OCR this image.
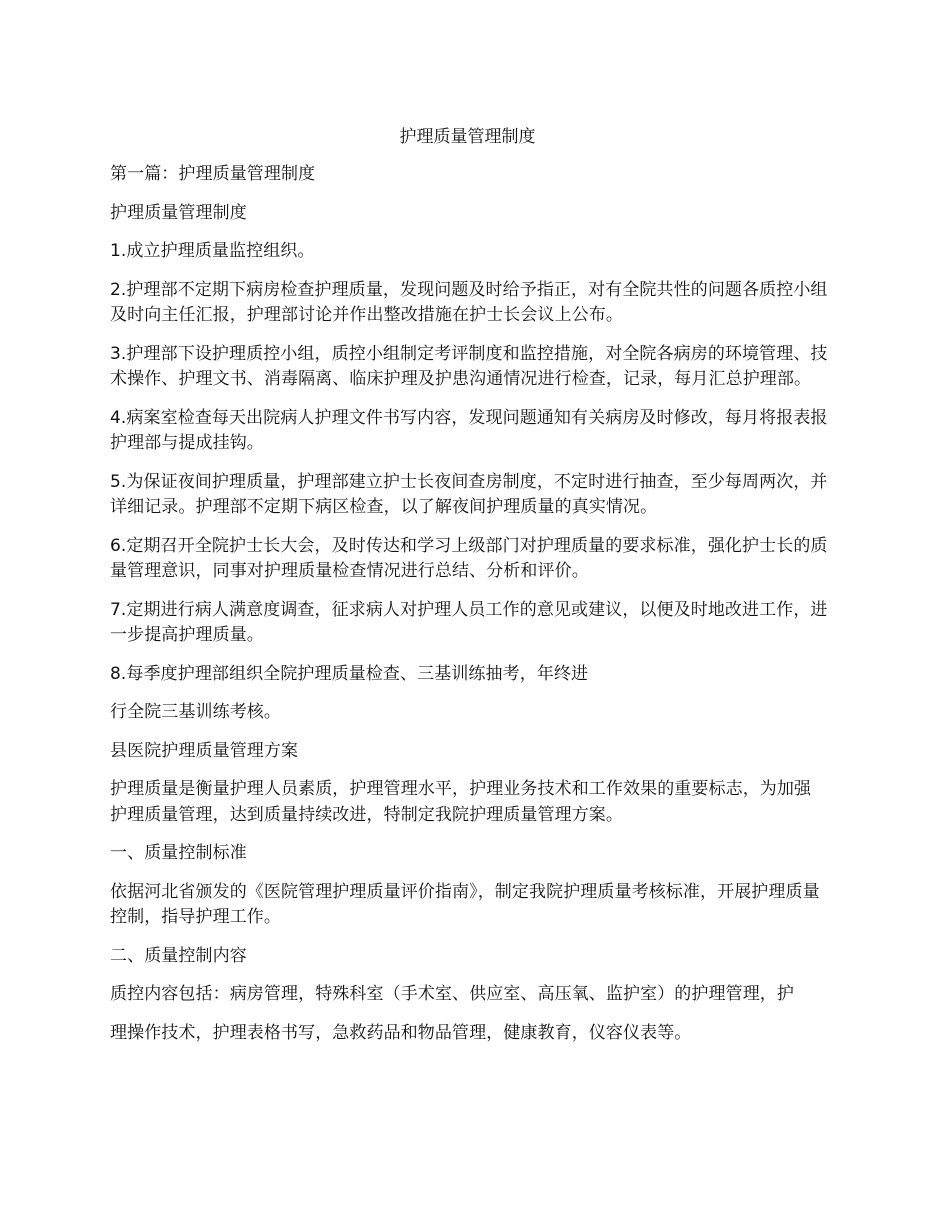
护理质量管理制度

第一篇：护理质量管理制度

护理质量管理制度

1.成立护理质量监控组织。

2.护理部不定期下病房检查护理质量，发现问题及时给予指正，对有全院共性的问题各质控小组及时向主任汇报，护理部讨论并作出整改措施在护士长会议上公布。

3.护理部下设护理质控小组，质控小组制定考评制度和监控措施，对全院各病房的环境管理、技术操作、护理文书、消毒隔离、临床护理及护患沟通情况进行检查，记录，每月汇总护理部。

4.病案室检查每天出院病人护理文件书写内容，发现问题通知有关病房及时修改，每月将报表报护理部与提成挂钩。

5.为保证夜间护理质量，护理部建立护士长夜间查房制度，不定时进行抽查，至少每周两次，并详细记录。护理部不定期下病区检查，以了解夜间护理质量的真实情况。

6.定期召开全院护士长大会，及时传达和学习上级部门对护理质量的要求标准，强化护士长的质量管理意识，同事对护理质量检查情况进行总结、分析和评价。

7.定期进行病人满意度调查，征求病人对护理人员工作的意见或建议，以便及时地改进工作，进一步提高护理质量。

8.每季度护理部组织全院护理质量检查、三基训练抽考，年终进

行全院三基训练考核。

县医院护理质量管理方案

护理质量是衡量护理人员素质，护理管理水平，护理业务技术和工作效果的重要标志，为加强护理质量管理，达到质量持续改进，特制定我院护理质量管理方案。

一、质量控制标准

依据河北省颁发的《医院管理护理质量评价指南》，制定我院护理质量考核标准，开展护理质量控制，指导护理工作。

二、质量控制内容

质控内容包括：病房管理，特殊科室（手术室、供应室、高压氧、监护室）的护理管理，护

理操作技术，护理表格书写，急救药品和物品管理，健康教育，仪容仪表等。
